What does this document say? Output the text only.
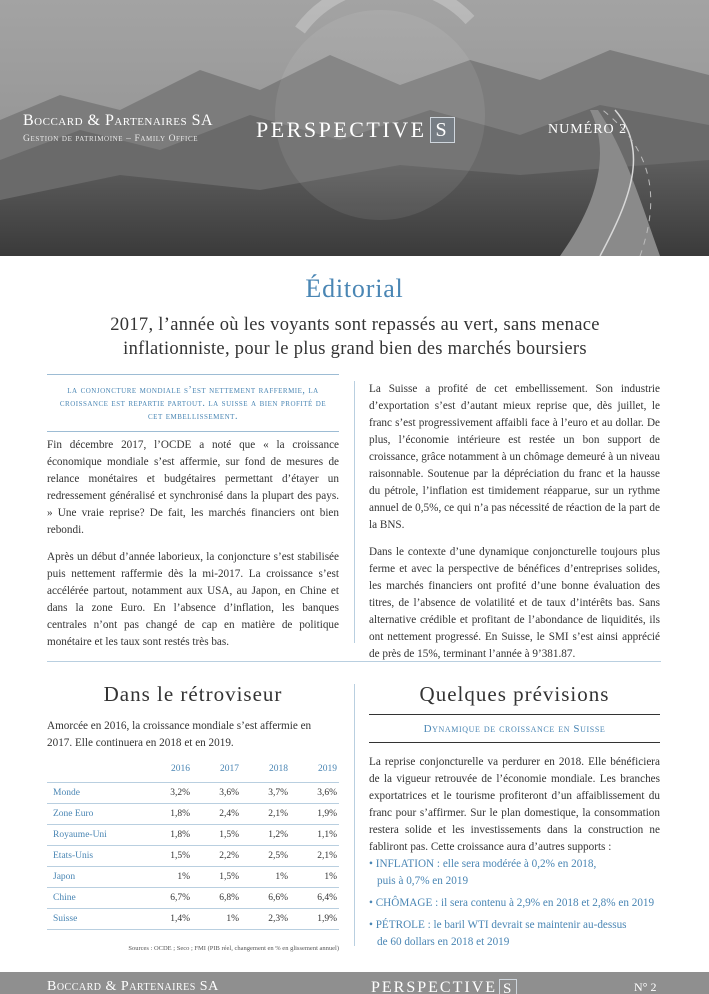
Boccard & Partenaires SA
Gestion de patrimoine – Family Office	PERSPECTIVE S	NUMÉRO 2
Éditorial
2017, l’année où les voyants sont repassés au vert, sans menace inflationniste, pour le plus grand bien des marchés boursiers
la conjoncture mondiale s’est nettement raffermie, la croissance est repartie partout. la suisse a bien profité de cet embellissement.

Fin décembre 2017, l’OCDE a noté que « la croissance économique mondiale s’est affermie, sur fond de mesures de relance monétaires et budgétaires permettant d’étayer un redressement généralisé et synchronisé dans la plupart des pays. » Une vraie reprise? De fait, les marchés financiers ont bien rebondi.

Après un début d’année laborieux, la conjoncture s’est stabilisée puis nettement raffermie dès la mi-2017. La croissance s’est accélérée partout, notamment aux USA, au Japon, en Chine et dans la zone Euro. En l’absence d’inflation, les banques centrales n’ont pas changé de cap en matière de politique monétaire et les taux sont restés très bas.

La Suisse a profité de cet embellissement. Son industrie d’exportation s’est d’autant mieux reprise que, dès juillet, le franc s’est progressivement affaibli face à l’euro et au dollar. De plus, l’économie intérieure est restée un bon support de croissance, grâce notamment à un chômage demeuré à un niveau raisonnable. Soutenue par la dépréciation du franc et la hausse du pétrole, l’inflation est timidement réapparue, sur un rythme annuel de 0,5%, ce qui n’a pas nécessité de réaction de la part de la BNS.

Dans le contexte d’une dynamique conjoncturelle toujours plus ferme et avec la perspective de bénéfices d’entreprises solides, les marchés financiers ont profité d’une bonne évaluation des titres, de l’absence de volatilité et de taux d’intérêts bas. Sans alternative crédible et profitant de l’abondance de liquidités, ils ont nettement progressé. En Suisse, le SMI s’est ainsi apprécié de près de 15%, terminant l’année à 9’381.87.

Dans le rétroviseur
Amorcée en 2016, la croissance mondiale s’est affermie en 2017. Elle continuera en 2018 et en 2019.
	2016	2017	2018	2019
Monde	3,2%	3,6%	3,7%	3,6%
Zone Euro	1,8%	2,4%	2,1%	1,9%
Royaume-Uni	1,8%	1,5%	1,2%	1,1%
Etats-Unis	1,5%	2,2%	2,5%	2,1%
Japon	1%	1,5%	1%	1%
Chine	6,7%	6,8%	6,6%	6,4%
Suisse	1,4%	1%	2,3%	1,9%
Sources : OCDE ; Seco ; FMI (PIB réel, changement en % en glissement annuel)
Quelques prévisions
Dynamique de croissance en Suisse
La reprise conjoncturelle va perdurer en 2018. Elle bénéficiera de la vigueur retrouvée de l’économie mondiale. Les branches exportatrices et le tourisme profiteront d’un affaiblissement du franc pour s’affirmer. Sur le plan domestique, la consommation restera solide et les investissements dans la construction ne fabliront pas. Cette croissance aura d’autres supports :
• INFLATION : elle sera modérée à 0,2% en 2018,
puis à 0,7% en 2019
• CHÔMAGE : il sera contenu à 2,9% en 2018 et 2,8% en 2019
• PÉTROLE : le baril WTI devrait se maintenir au-dessus
de 60 dollars en 2018 et 2019
Boccard & Partenaires SA	PERSPECTIVE S	N° 2
